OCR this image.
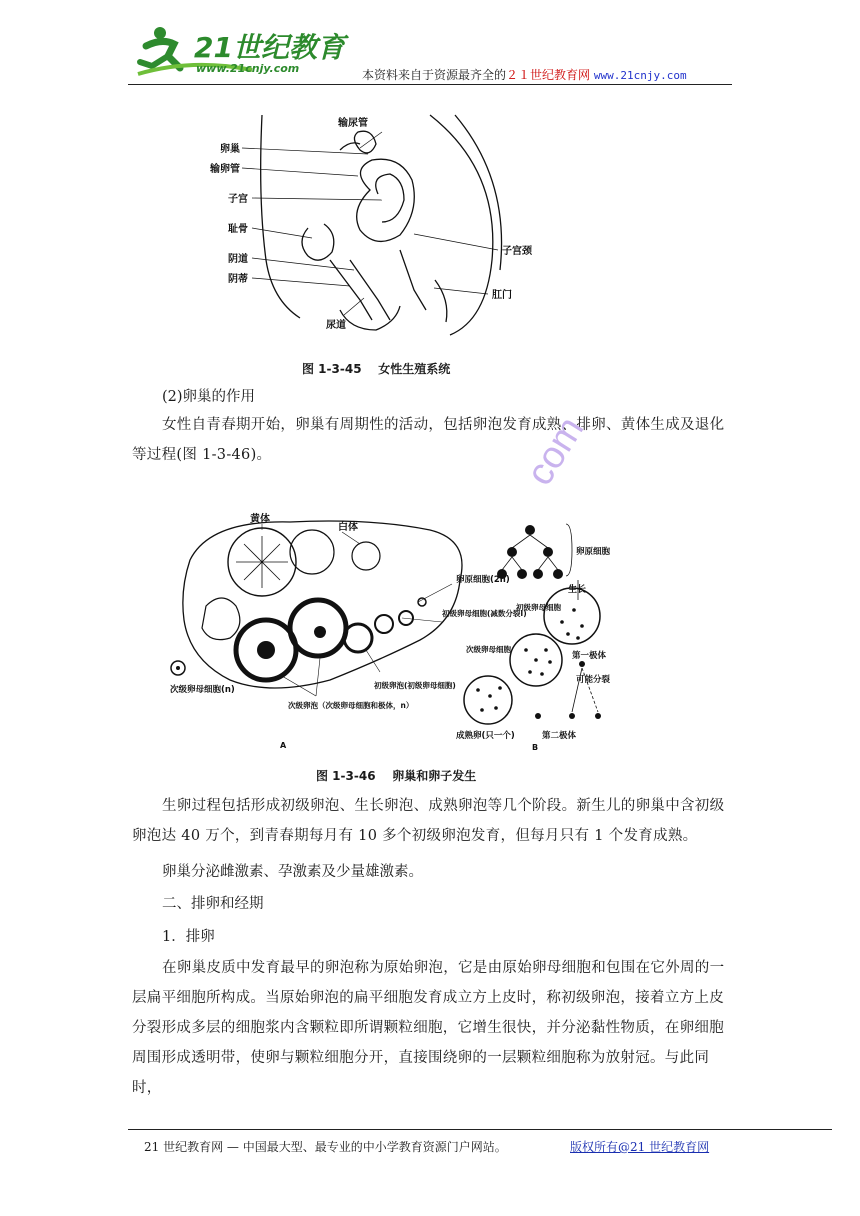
21世纪教育
www.21cnjy.com	本资料来自于资源最齐全的２１世纪教育网 www.21cnjy.com
输尿管
卵巢
输卵管
子宫
耻骨
阴道
阴蒂
子宫颈
肛门
尿道
图 1-3-45    女性生殖系统
(2)卵巢的作用
女性自青春期开始，卵巢有周期性的活动，包括卵泡发育成熟、排卵、黄体生成及退化等过程(图 1-3-46)。
黄体
白体
卵原细胞(2n)
初级卵母细胞(减数分裂Ⅰ)
初级卵泡(初级卵母细胞)
次级卵母细胞(n)
次级卵泡（次级卵母细胞和极体，n）
A
卵原细胞
生长
初级卵母细胞
次级卵母细胞
第一极体
可能分裂
第二极体
成熟卵(只一个)
B
图 1-3-46    卵巢和卵子发生
生卵过程包括形成初级卵泡、生长卵泡、成熟卵泡等几个阶段。新生儿的卵巢中含初级卵泡达 40 万个，到青春期每月有 10 多个初级卵泡发育，但每月只有 1 个发育成熟。
卵巢分泌雌激素、孕激素及少量雄激素。
二、排卵和经期
1．排卵
在卵巢皮质中发育最早的卵泡称为原始卵泡，它是由原始卵母细胞和包围在它外周的一层扁平细胞所构成。当原始卵泡的扁平细胞发育成立方上皮时，称初级卵泡，接着立方上皮分裂形成多层的细胞浆内含颗粒即所谓颗粒细胞，它增生很快，并分泌黏性物质，在卵细胞周围形成透明带，使卵与颗粒细胞分开，直接围绕卵的一层颗粒细胞称为放射冠。与此同时，
com
21 世纪教育网 — 中国最大型、最专业的中小学教育资源门户网站。	版权所有@21 世纪教育网
